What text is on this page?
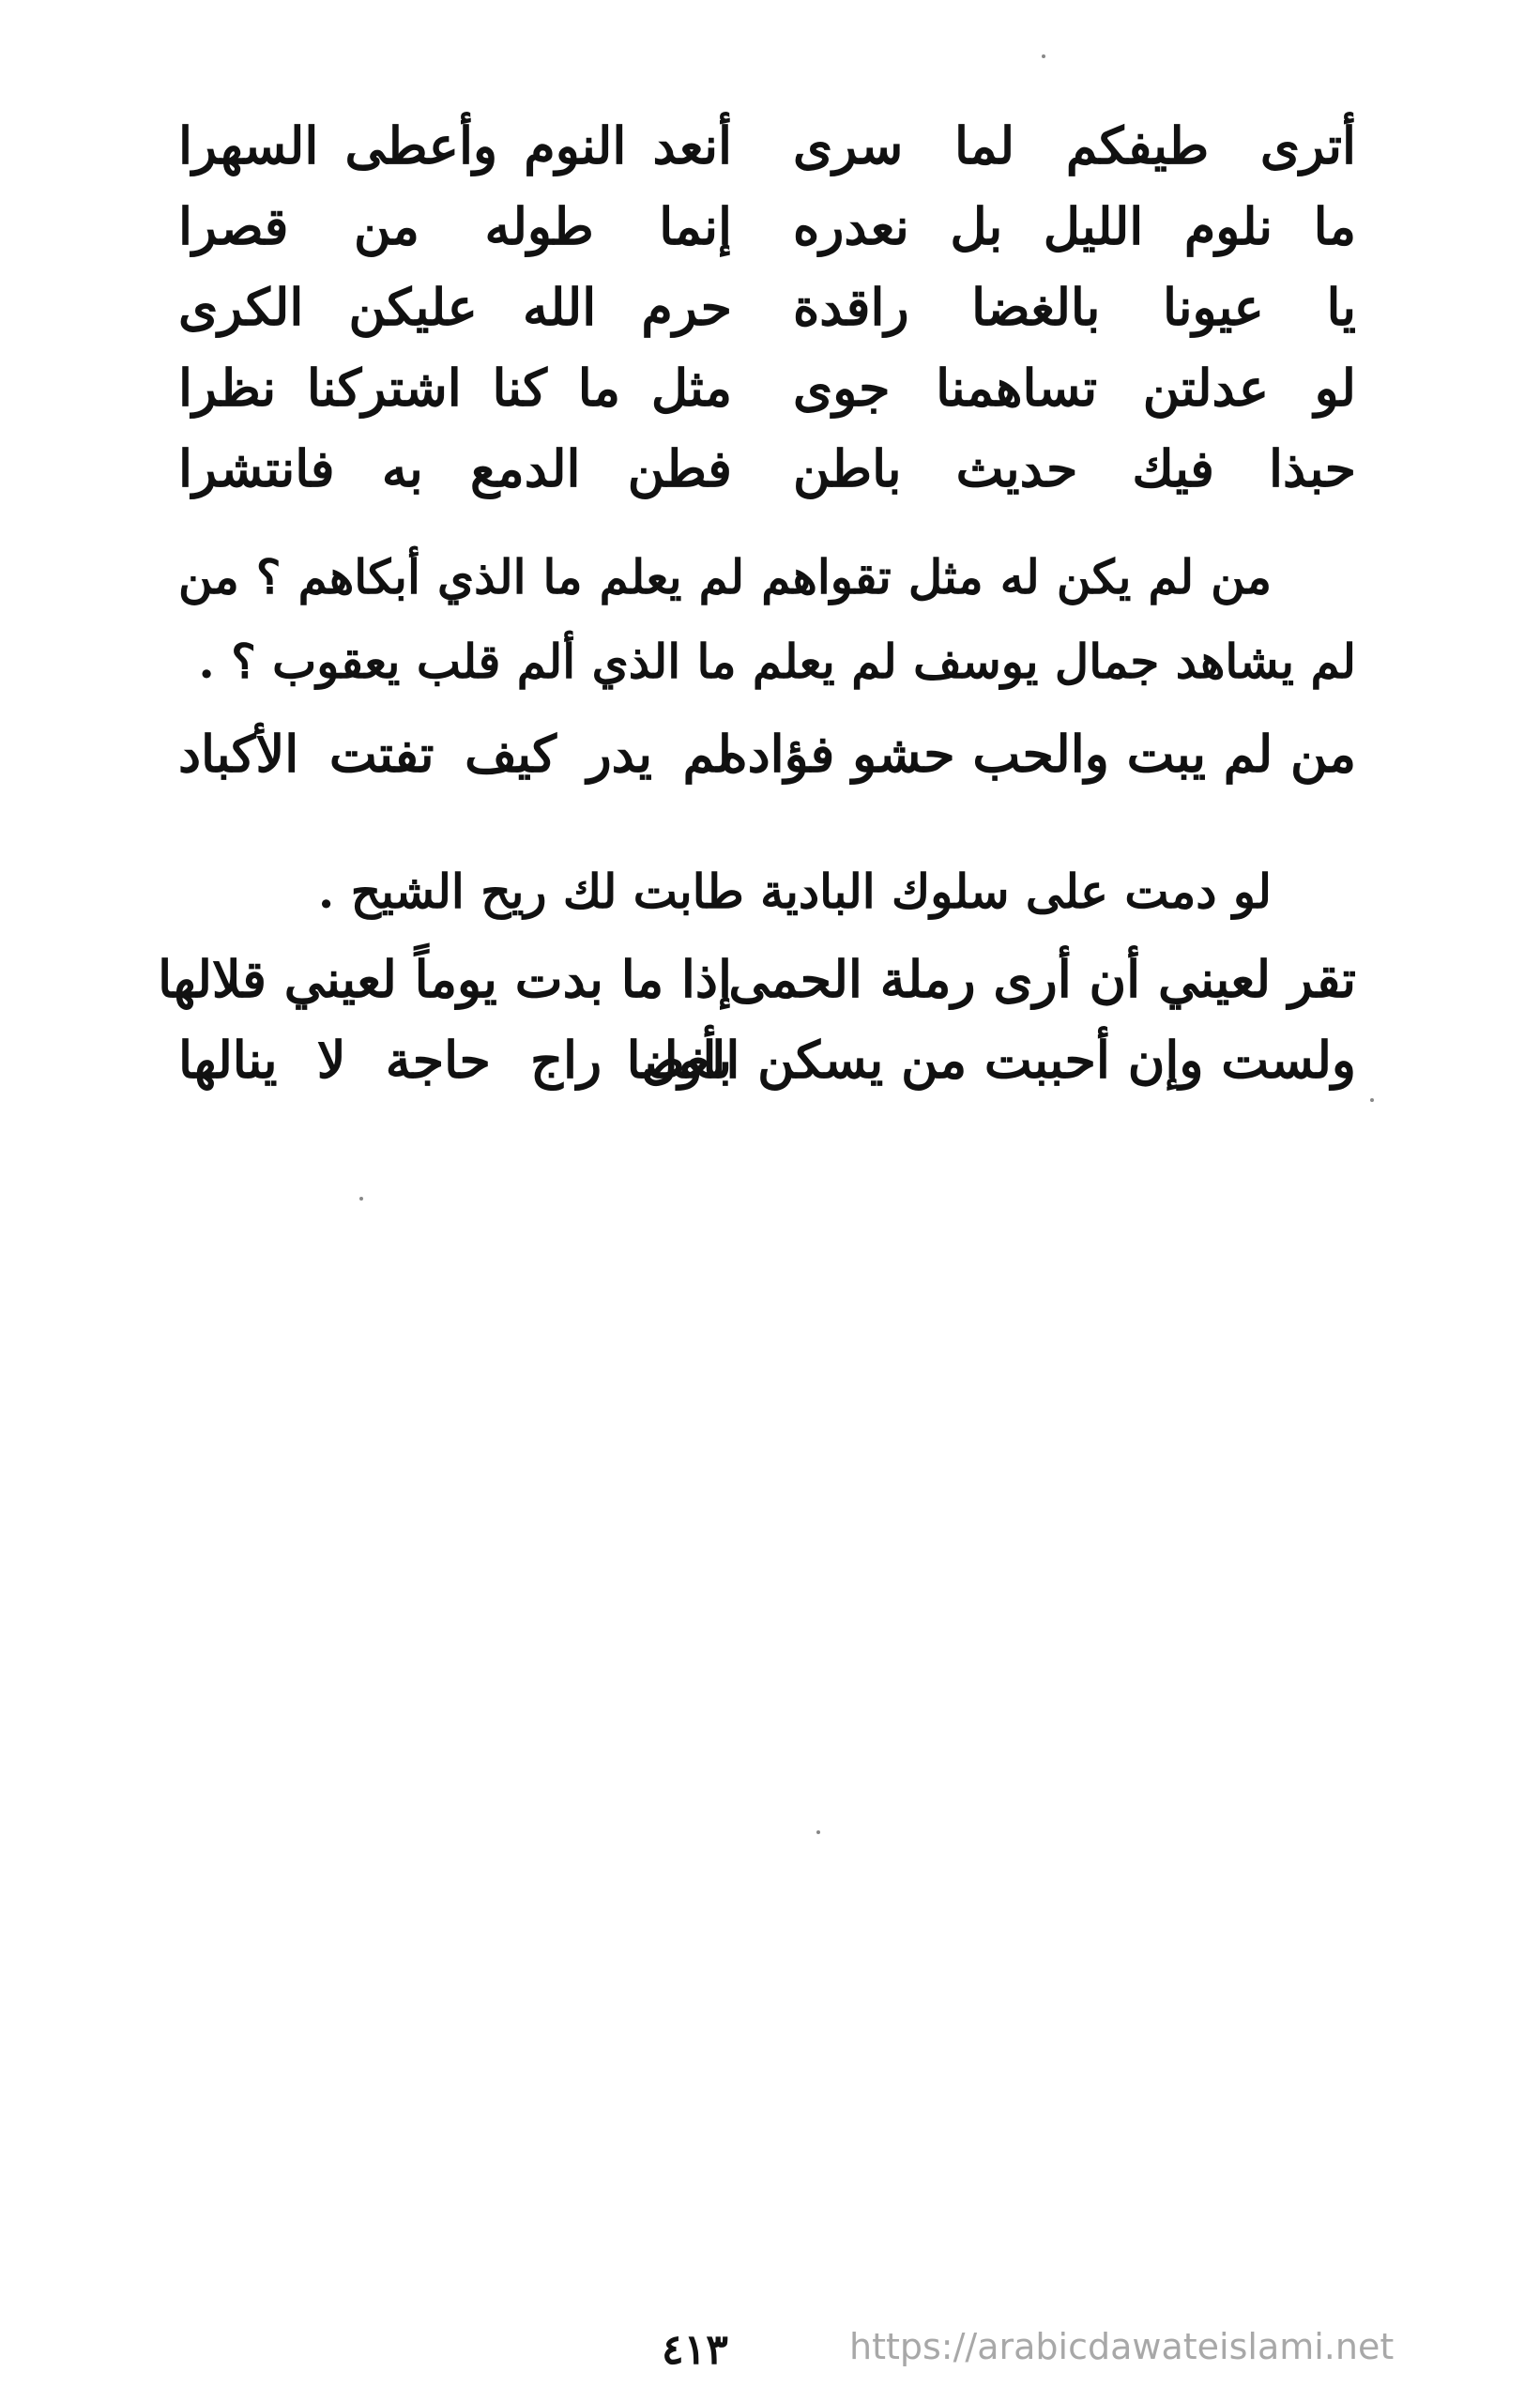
أترى طيفكم لما سرى
أنعد النوم وأعطى السهرا
ما نلوم الليل بل نعدره
إنما طوله من قصرا
يا عيونا بالغضا راقدة
حرم الله عليكن الكرى
لو عدلتن تساهمنا جوى
مثل ما كنا اشتركنا نظرا
حبذا فيك حديث باطن
فطن الدمع به فانتشرا
من لم يكن له مثل تقواهم لم يعلم ما الذي أبكاهم ؟ من لم يشاهد جمال يوسف لم يعلم ما الذي ألم قلب يعقوب ؟ .
من لم يبت والحب حشو فؤاده
لم يدر كيف تفتت الأكباد
لو دمت على سلوك البادية طابت لك ريح الشيح .
تقر لعيني أن أرى رملة الحمى
إذا ما بدت يوماً لعيني قلالها
ولست وإن أحببت من يسكن الغضا
بأول راج حاجة لا ينالها
٤١٣	https://arabicdawateislami.net
